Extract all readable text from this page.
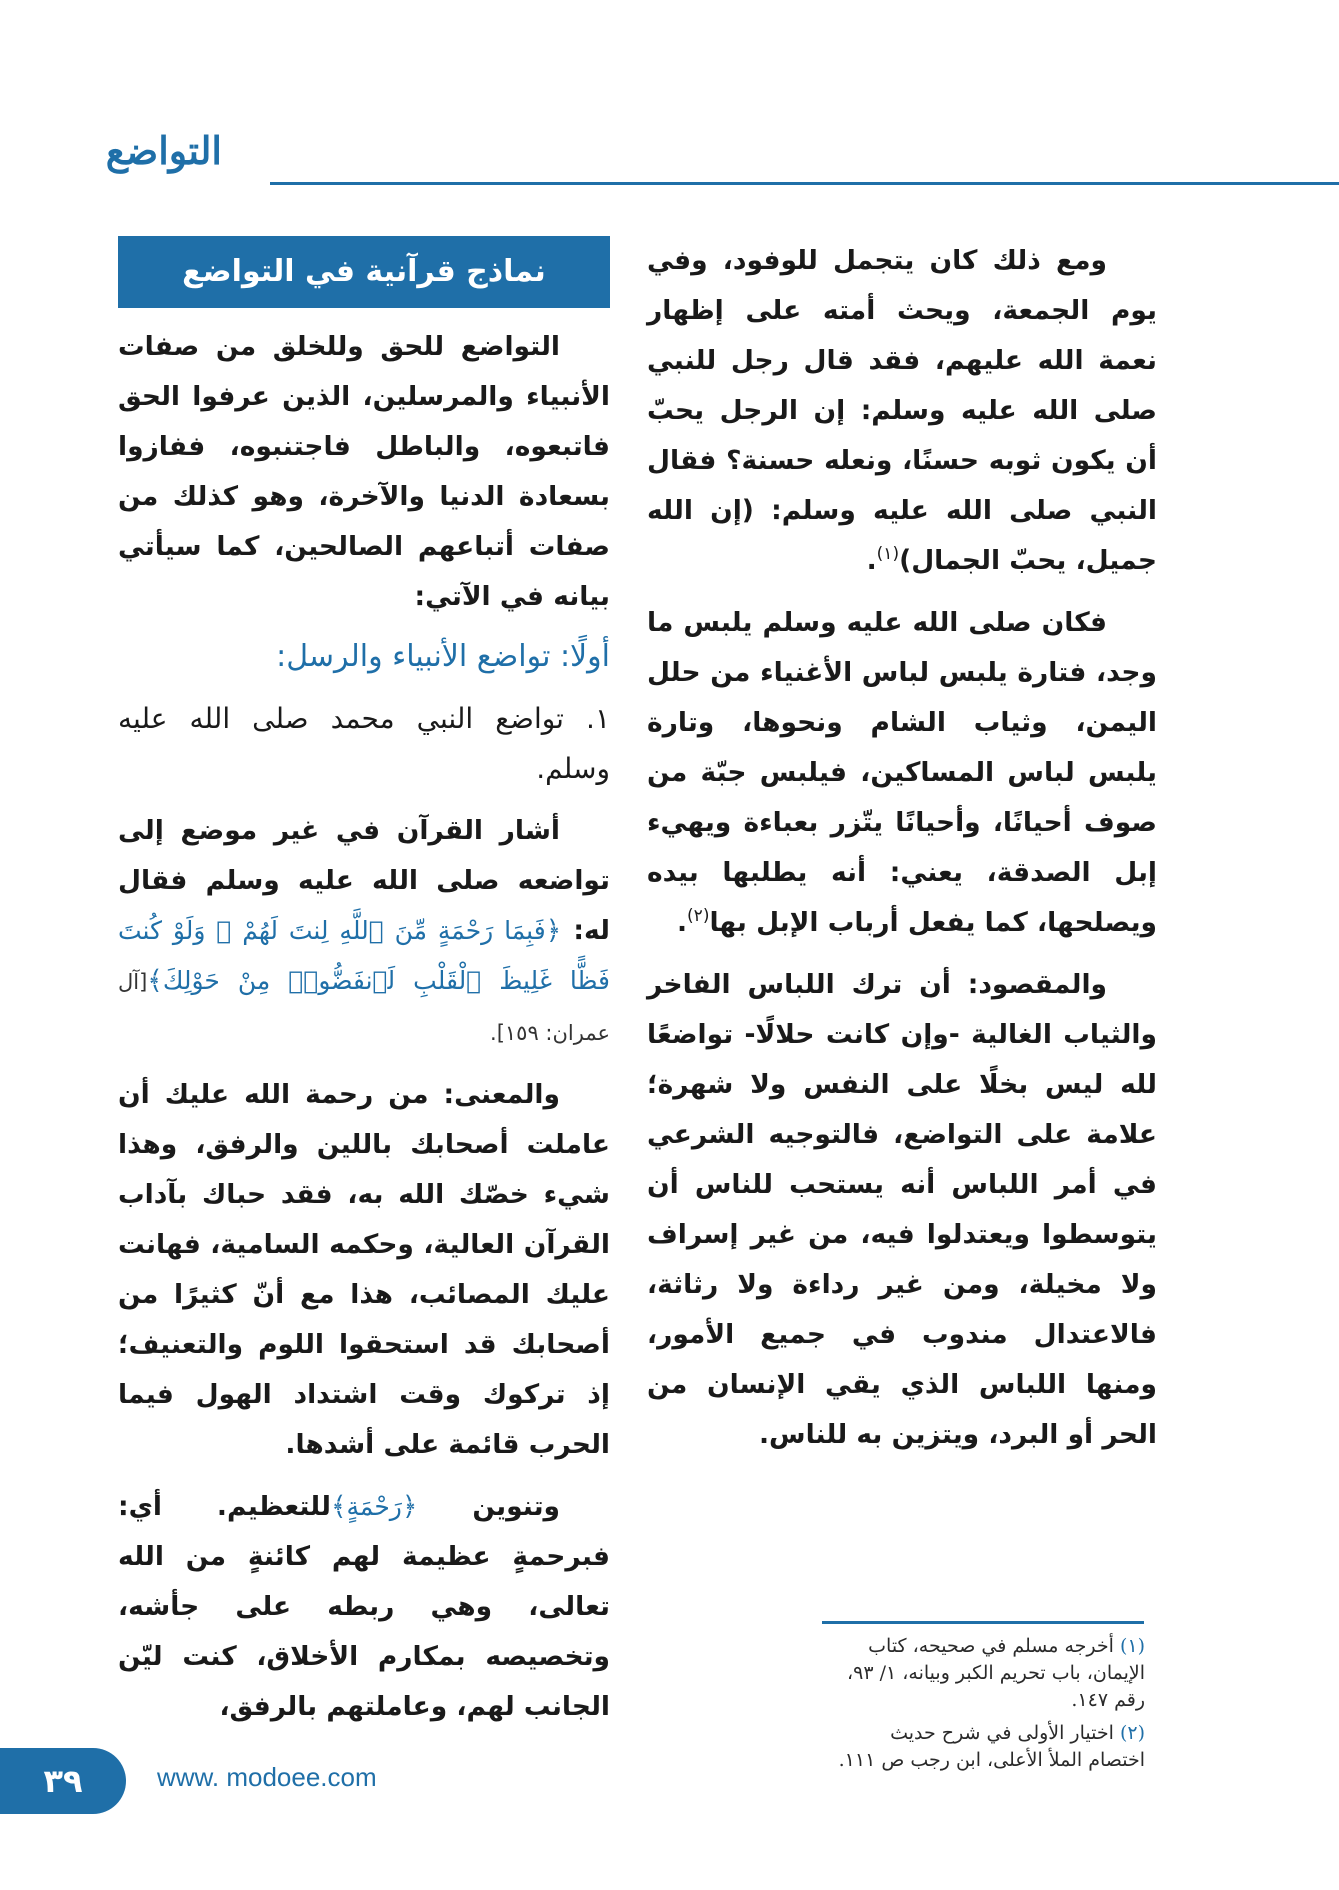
التواضع

ومع ذلك كان يتجمل للوفود، وفي يوم الجمعة، ويحث أمته على إظهار نعمة الله عليهم، فقد قال رجل للنبي صلى الله عليه وسلم: إن الرجل يحبّ أن يكون ثوبه حسنًا، ونعله حسنة؟ فقال النبي صلى الله عليه وسلم: (إن الله جميل، يحبّ الجمال)$^{(١)}$.

فكان صلى الله عليه وسلم يلبس ما وجد، فتارة يلبس لباس الأغنياء من حلل اليمن، وثياب الشام ونحوها، وتارة يلبس لباس المساكين، فيلبس جبّة من صوف أحيانًا، وأحيانًا يتّزر بعباءة ويهيء إبل الصدقة، يعني: أنه يطلبها بيده ويصلحها، كما يفعل أرباب الإبل بها$^{(٢)}$.

والمقصود: أن ترك اللباس الفاخر والثياب الغالية -وإن كانت حلالًا- تواضعًا لله ليس بخلًا على النفس ولا شهرة؛ علامة على التواضع، فالتوجيه الشرعي في أمر اللباس أنه يستحب للناس أن يتوسطوا ويعتدلوا فيه، من غير إسراف ولا مخيلة، ومن غير رداءة ولا رثاثة، فالاعتدال مندوب في جميع الأمور، ومنها اللباس الذي يقي الإنسان من الحر أو البرد، ويتزين به للناس.

نماذج قرآنية في التواضع

التواضع للحق وللخلق من صفات الأنبياء والمرسلين، الذين عرفوا الحق فاتبعوه، والباطل فاجتنبوه، ففازوا بسعادة الدنيا والآخرة، وهو كذلك من صفات أتباعهم الصالحين، كما سيأتي بيانه في الآتي:

أولًا: تواضع الأنبياء والرسل:

١. تواضع النبي محمد صلى الله عليه وسلم.

أشار القرآن في غير موضع إلى تواضعه صلى الله عليه وسلم فقال له: ﴿فَبِمَا رَحْمَةٍ مِّنَ ٱللَّهِ لِنتَ لَهُمْ ۖ وَلَوْ كُنتَ فَظًّا غَلِيظَ ٱلْقَلْبِ لَٱنفَضُّوا۟ مِنْ حَوْلِكَ﴾[آل عمران: ١٥٩].

والمعنى: من رحمة الله عليك أن عاملت أصحابك باللين والرفق، وهذا شيء خصّك الله به، فقد حباك بآداب القرآن العالية، وحكمه السامية، فهانت عليك المصائب، هذا مع أنّ كثيرًا من أصحابك قد استحقوا اللوم والتعنيف؛ إذ تركوك وقت اشتداد الهول فيما الحرب قائمة على أشدها.

وتنوين ﴿رَحْمَةٍ﴾للتعظيم. أي: فبرحمةٍ عظيمة لهم كائنةٍ من الله تعالى، وهي ربطه على جأشه، وتخصيصه بمكارم الأخلاق، كنت ليّن الجانب لهم، وعاملتهم بالرفق،

(١) أخرجه مسلم في صحيحه، كتاب الإيمان، باب تحريم الكبر وبيانه، ١/ ٩٣، رقم ١٤٧.

(٢) اختيار الأولى في شرح حديث اختصام الملأ الأعلى، ابن رجب ص ١١١.

٣٩	www. modoee.com
